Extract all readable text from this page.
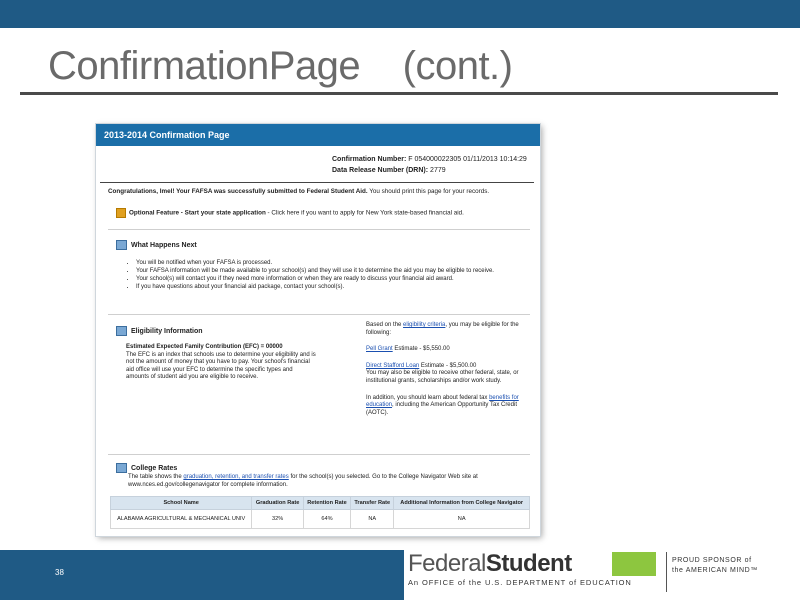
ConfirmationPage    (cont.)
2013-2014 Confirmation Page
Confirmation Number: F 054000022305 01/11/2013 10:14:29
Data Release Number (DRN): 2779
Congratulations, Imel! Your FAFSA was successfully submitted to Federal Student Aid. You should print this page for your records.
Optional Feature - Start your state application - Click here if you want to apply for New York state-based financial aid.
What Happens Next
• You will be notified when your FAFSA is processed.
• Your FAFSA information will be made available to your school(s) and they will use it to determine the aid you may be eligible to receive.
• Your school(s) will contact you if they need more information or when they are ready to discuss your financial aid award.
• If you have questions about your financial aid package, contact your school(s).
Eligibility Information
Estimated Expected Family Contribution (EFC) = 00000
The EFC is an index that schools use to determine your eligibility and is not the amount of money that you have to pay. Your school's financial aid office will use your EFC to determine the specific types and amounts of student aid you are eligible to receive.

Based on the eligibility criteria, you may be eligible for the following:

Pell Grant Estimate - $5,550.00

Direct Stafford Loan Estimate - $5,500.00
You may also be eligible to receive other federal, state, or institutional grants, scholarships and/or work study.

In addition, you should learn about federal tax benefits for education, including the American Opportunity Tax Credit (AOTC).

College Rates
The table shows the graduation, retention, and transfer rates for the school(s) you selected. Go to the College Navigator Web site at www.nces.ed.gov/collegenavigator for complete information.
School Name	Graduation Rate	Retention Rate	Transfer Rate	Additional Information from College Navigator
ALABAMA AGRICULTURAL & MECHANICAL UNIV	32%	64%	NA	NA
38	FederalStudent
An OFFICE of the U.S. DEPARTMENT of EDUCATION
PROUD SPONSOR of
the AMERICAN MIND™
